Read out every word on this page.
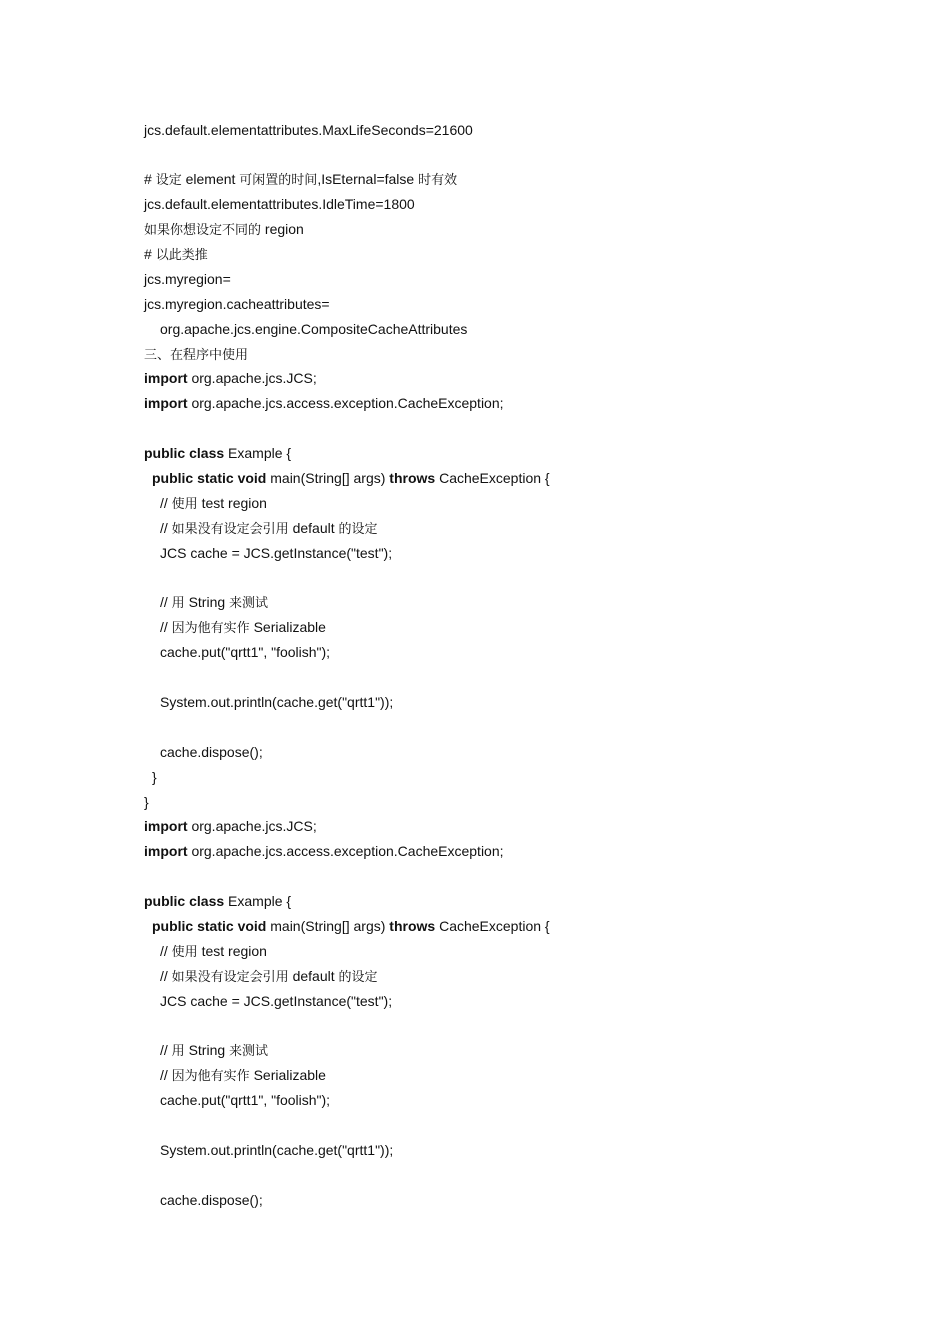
jcs.default.elementattributes.MaxLifeSeconds=21600
# 设定 element 可闲置的时间,IsEternal=false 时有效
jcs.default.elementattributes.IdleTime=1800
如果你想设定不同的 region
# 以此类推
jcs.myregion=
jcs.myregion.cacheattributes=
org.apache.jcs.engine.CompositeCacheAttributes
三、在程序中使用
import org.apache.jcs.JCS;
import org.apache.jcs.access.exception.CacheException;
public class Example {
public static void main(String[] args) throws CacheException {
// 使用 test region
// 如果没有设定会引用 default 的设定
JCS cache = JCS.getInstance("test");
// 用 String 来测试
// 因为他有实作 Serializable
cache.put("qrtt1", "foolish");
System.out.println(cache.get("qrtt1"));
cache.dispose();
}
}
import org.apache.jcs.JCS;
import org.apache.jcs.access.exception.CacheException;
public class Example {
public static void main(String[] args) throws CacheException {
// 使用 test region
// 如果没有设定会引用 default 的设定
JCS cache = JCS.getInstance("test");
// 用 String 来测试
// 因为他有实作 Serializable
cache.put("qrtt1", "foolish");
System.out.println(cache.get("qrtt1"));
cache.dispose();
